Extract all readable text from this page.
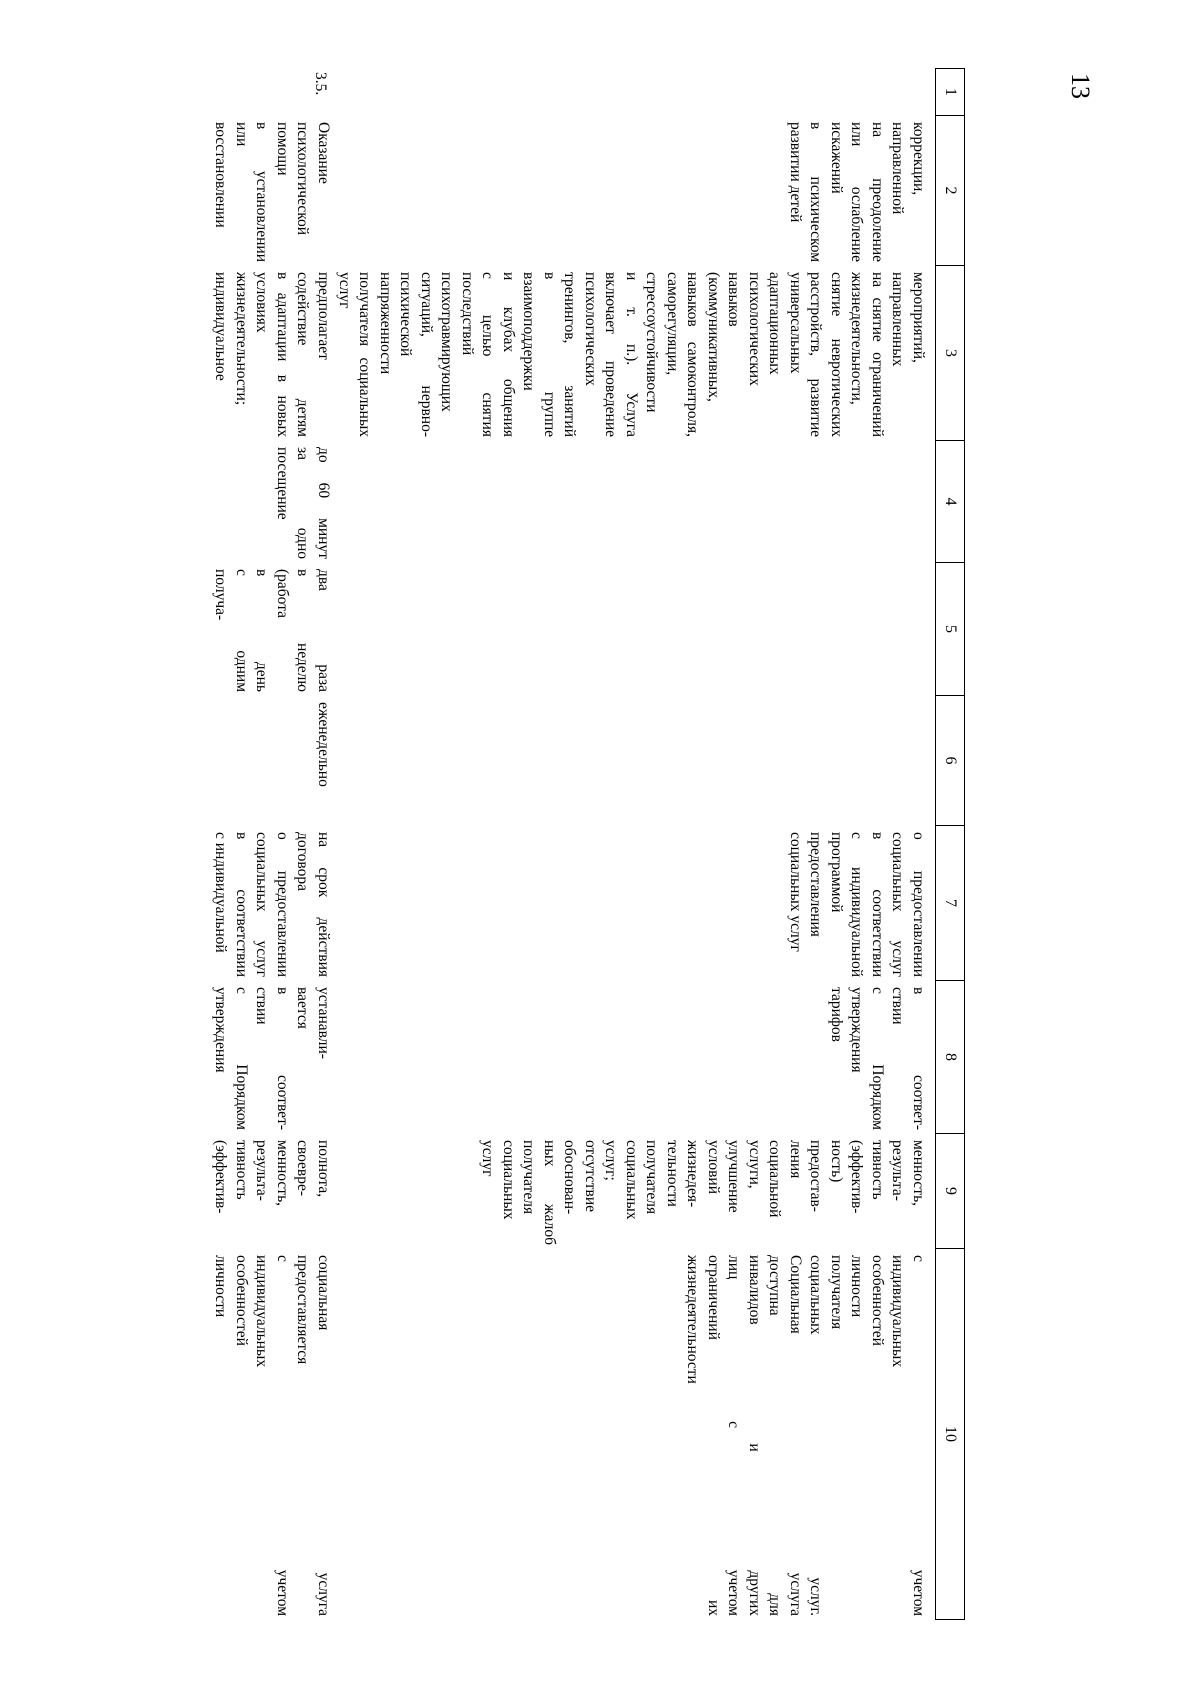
13
1
2
3
4
5
6
7
8
9
10
коррекции,
направленной
на преодоление
или ослабление
искажений
в психическом
развитии детей
мероприятий,
направленных
на снятие ограничений
жизнедеятельности,
снятие невротических
расстройств, развитие
универсальных
адаптационных
психологических
навыков
(коммуникативных,
навыков самоконтроля,
саморегуляции,
стрессоустойчивости
и т. п.). Услуга
включает проведение
психологических
тренингов, занятий
в группе
взаимоподдержки
и клубах общения
с целью снятия
последствий
психотравмирующих
ситуаций, нервно-
психической
напряженности
получателя социальных
услуг
о предоставлении
социальных услуг
в соответствии
с индивидуальной
программой
предоставления
социальных услуг
в соответ-
ствии
с Порядком
утверждения
тарифов
менность,
результа-
тивность
(эффектив-
ность)
предостав-
ления
социальной
услуги,
улучшение
условий
жизнедея-
тельности
получателя
социальных
услуг;
отсутствие
обоснован-
ных жалоб
получателя
социальных
услуг
с учетом
индивидуальных
особенностей
личности
получателя
социальных услуг.
Социальная услуга
доступна для
инвалидов и других
лиц с учетом
ограничений их
жизнедеятельности
3.5.
Оказание
психологической
помощи
в установлении
или
восстановлении
предполагает
содействие детям
в адаптации в новых
условиях
жизнедеятельности;
индивидуальное
до 60 минут
за одно
посещение
два раза
в неделю
(работа
в день
с одним
получа-
еженедельно
на срок действия
договора
о предоставлении
социальных услуг
в соответствии
с индивидуальной
устанавли-
вается
в соответ-
ствии
с Порядком
утверждения
полнота,
своевре-
менность,
результа-
тивность
(эффектив-
социальная услуга
предоставляется
с учетом
индивидуальных
особенностей
личности
